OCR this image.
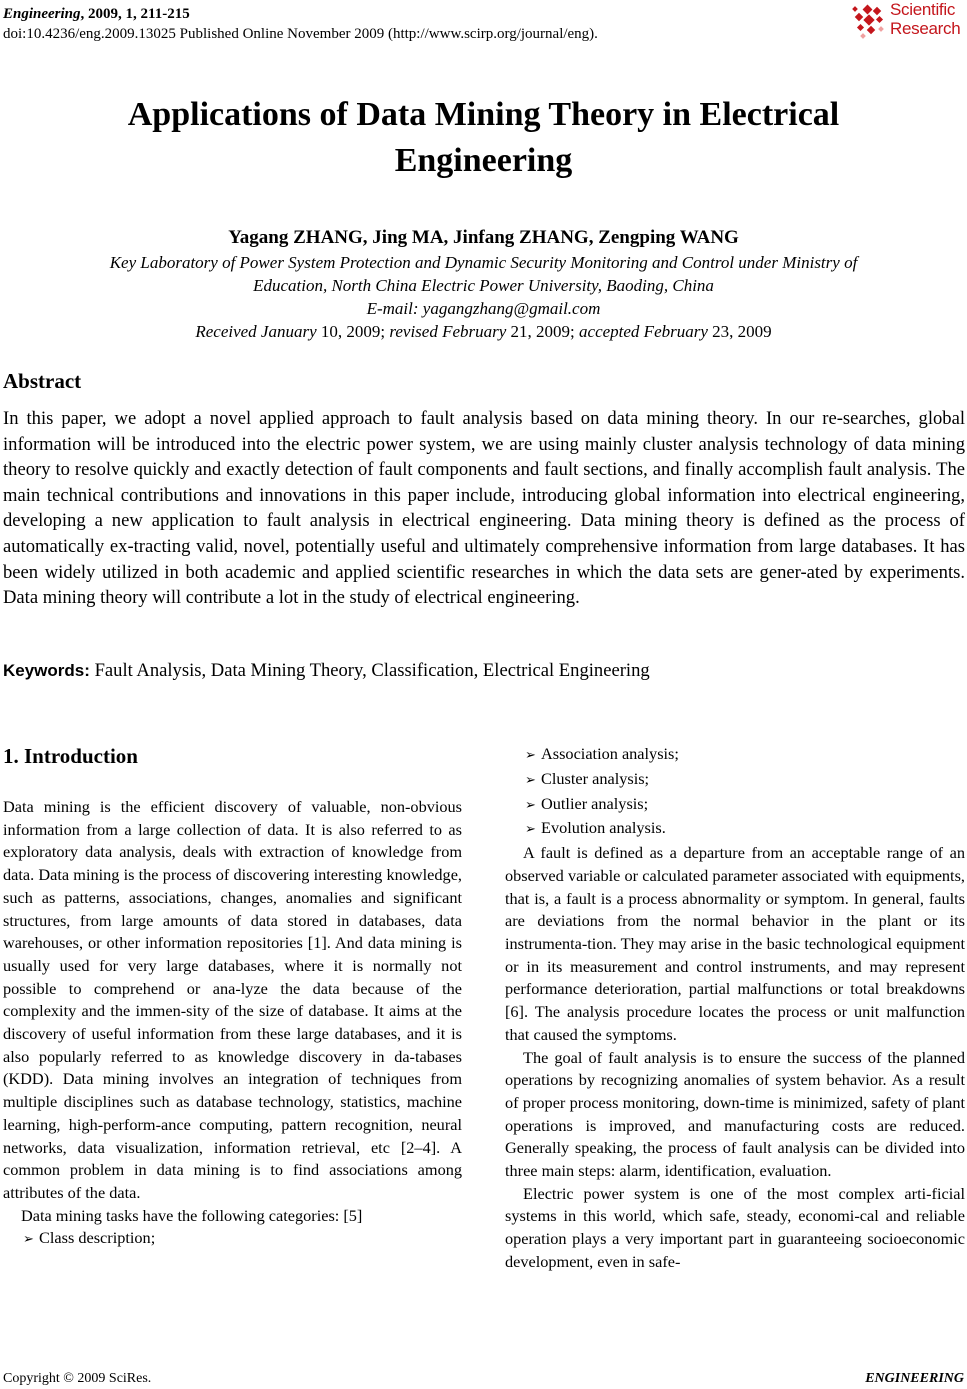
Engineering, 2009, 1, 211-215
doi:10.4236/eng.2009.13025 Published Online November 2009 (http://www.scirp.org/journal/eng).
Scientific
Research
Applications of Data Mining Theory in Electrical
Engineering
Yagang ZHANG, Jing MA, Jinfang ZHANG, Zengping WANG
Key Laboratory of Power System Protection and Dynamic Security Monitoring and Control under Ministry of
Education, North China Electric Power University, Baoding, China
E-mail: yagangzhang@gmail.com
Received January 10, 2009; revised February 21, 2009; accepted February 23, 2009
Abstract
In this paper, we adopt a novel applied approach to fault analysis based on data mining theory. In our re-searches, global information will be introduced into the electric power system, we are using mainly cluster analysis technology of data mining theory to resolve quickly and exactly detection of fault components and fault sections, and finally accomplish fault analysis. The main technical contributions and innovations in this paper include, introducing global information into electrical engineering, developing a new application to fault analysis in electrical engineering. Data mining theory is defined as the process of automatically ex-tracting valid, novel, potentially useful and ultimately comprehensive information from large databases. It has been widely utilized in both academic and applied scientific researches in which the data sets are gener-ated by experiments. Data mining theory will contribute a lot in the study of electrical engineering.
Keywords: Fault Analysis, Data Mining Theory, Classification, Electrical Engineering
1. Introduction

Data mining is the efficient discovery of valuable, non-obvious information from a large collection of data. It is also referred to as exploratory data analysis, deals with extraction of knowledge from data. Data mining is the process of discovering interesting knowledge, such as patterns, associations, changes, anomalies and significant structures, from large amounts of data stored in databases, data warehouses, or other information repositories [1]. And data mining is usually used for very large databases, where it is normally not possible to comprehend or ana-lyze the data because of the complexity and the immen-sity of the size of database. It aims at the discovery of useful information from these large databases, and it is also popularly referred to as knowledge discovery in da-tabases (KDD). Data mining involves an integration of techniques from multiple disciplines such as database technology, statistics, machine learning, high-perform-ance computing, pattern recognition, neural networks, data visualization, information retrieval, etc [2–4]. A common problem in data mining is to find associations among attributes of the data.

Data mining tasks have the following categories: [5]

➢ Class description;
➢ Association analysis;
➢ Cluster analysis;
➢ Outlier analysis;
➢ Evolution analysis.

A fault is defined as a departure from an acceptable range of an observed variable or calculated parameter associated with equipments, that is, a fault is a process abnormality or symptom. In general, faults are deviations from the normal behavior in the plant or its instrumenta-tion. They may arise in the basic technological equipment or in its measurement and control instruments, and may represent performance deterioration, partial malfunctions or total breakdowns [6]. The analysis procedure locates the process or unit malfunction that caused the symptoms.

The goal of fault analysis is to ensure the success of the planned operations by recognizing anomalies of system behavior. As a result of proper process monitoring, down-time is minimized, safety of plant operations is improved, and manufacturing costs are reduced. Generally speaking, the process of fault analysis can be divided into three main steps: alarm, identification, evaluation.

Electric power system is one of the most complex arti-ficial systems in this world, which safe, steady, economi-cal and reliable operation plays a very important part in guaranteeing socioeconomic development, even in safe-

Copyright © 2009 SciRes.	ENGINEERING
